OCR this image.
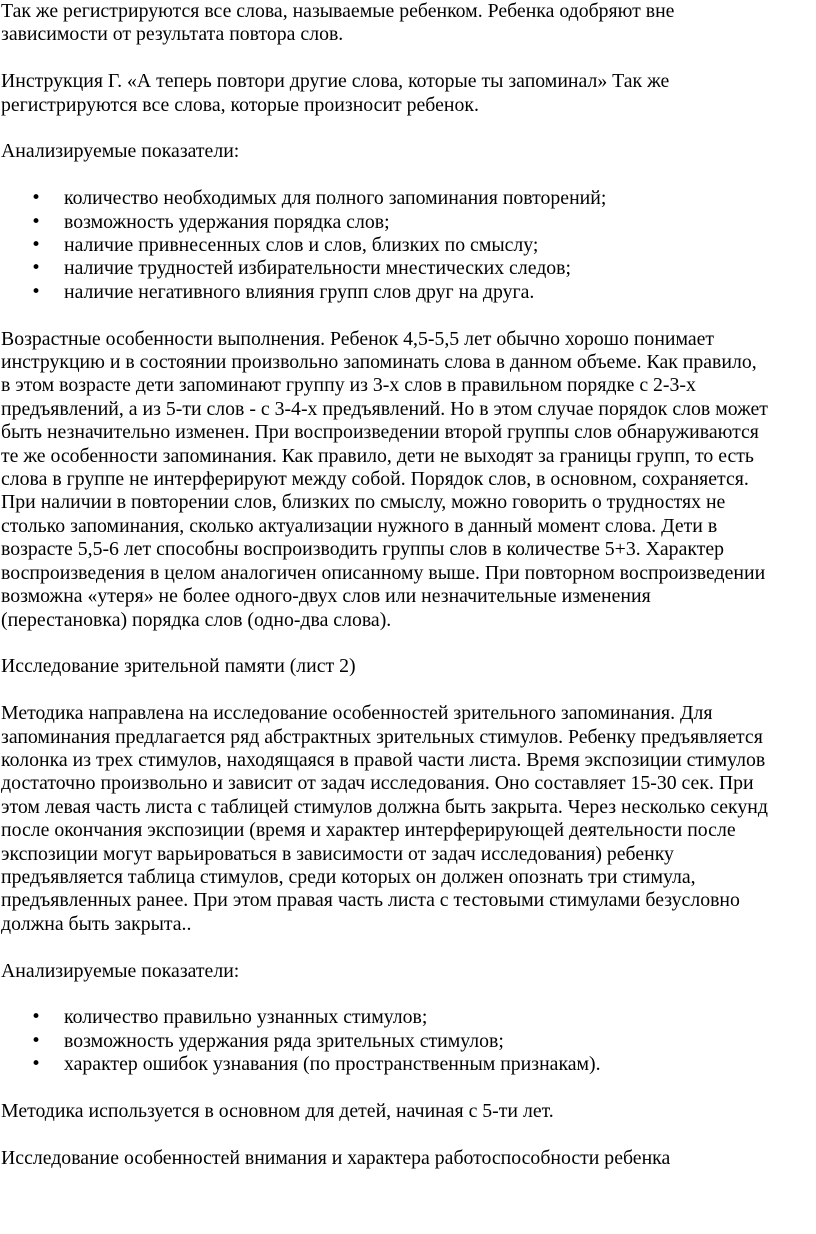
Так же регистрируются все слова, называемые ребенком. Ребенка одобряют вне
зависимости от результата повтора слов.

Инструкция Г. «А теперь повтори другие слова, которые ты запоминал» Так же
регистрируются все слова, которые произносит ребенок.

Анализируемые показатели:

• количество необходимых для полного запоминания повторений;
• возможность удержания порядка слов;
• наличие привнесенных слов и слов, близких по смыслу;
• наличие трудностей избирательности мнестических следов;
• наличие негативного влияния групп слов друг на друга.

Возрастные особенности выполнения. Ребенок 4,5-5,5 лет обычно хорошо понимает
инструкцию и в состоянии произвольно запоминать слова в данном объеме. Как правило,
в этом возрасте дети запоминают группу из 3-х слов в правильном порядке с 2-3-х
предъявлений, а из 5-ти слов - с 3-4-х предъявлений. Но в этом случае порядок слов может
быть незначительно изменен. При воспроизведении второй группы слов обнаруживаются
те же особенности запоминания. Как правило, дети не выходят за границы групп, то есть
слова в группе не интерферируют между собой. Порядок слов, в основном, сохраняется.
При наличии в повторении слов, близких по смыслу, можно говорить о трудностях не
столько запоминания, сколько актуализации нужного в данный момент слова. Дети в
возрасте 5,5-6 лет способны воспроизводить группы слов в количестве 5+3. Характер
воспроизведения в целом аналогичен описанному выше. При повторном воспроизведении
возможна «утеря» не более одного-двух слов или незначительные изменения
(перестановка) порядка слов (одно-два слова).

Исследование зрительной памяти (лист 2)

Методика направлена на исследование особенностей зрительного запоминания. Для
запоминания предлагается ряд абстрактных зрительных стимулов. Ребенку предъявляется
колонка из трех стимулов, находящаяся в правой части листа. Время экспозиции стимулов
достаточно произвольно и зависит от задач исследования. Оно составляет 15-30 сек. При
этом левая часть листа с таблицей стимулов должна быть закрыта. Через несколько секунд
после окончания экспозиции (время и характер интерферирующей деятельности после
экспозиции могут варьироваться в зависимости от задач исследования) ребенку
предъявляется таблица стимулов, среди которых он должен опознать три стимула,
предъявленных ранее. При этом правая часть листа с тестовыми стимулами безусловно
должна быть закрыта..

Анализируемые показатели:

• количество правильно узнанных стимулов;
• возможность удержания ряда зрительных стимулов;
• характер ошибок узнавания (по пространственным признакам).

Методика используется в основном для детей, начиная с 5-ти лет.

Исследование особенностей внимания и характера работоспособности ребенка
